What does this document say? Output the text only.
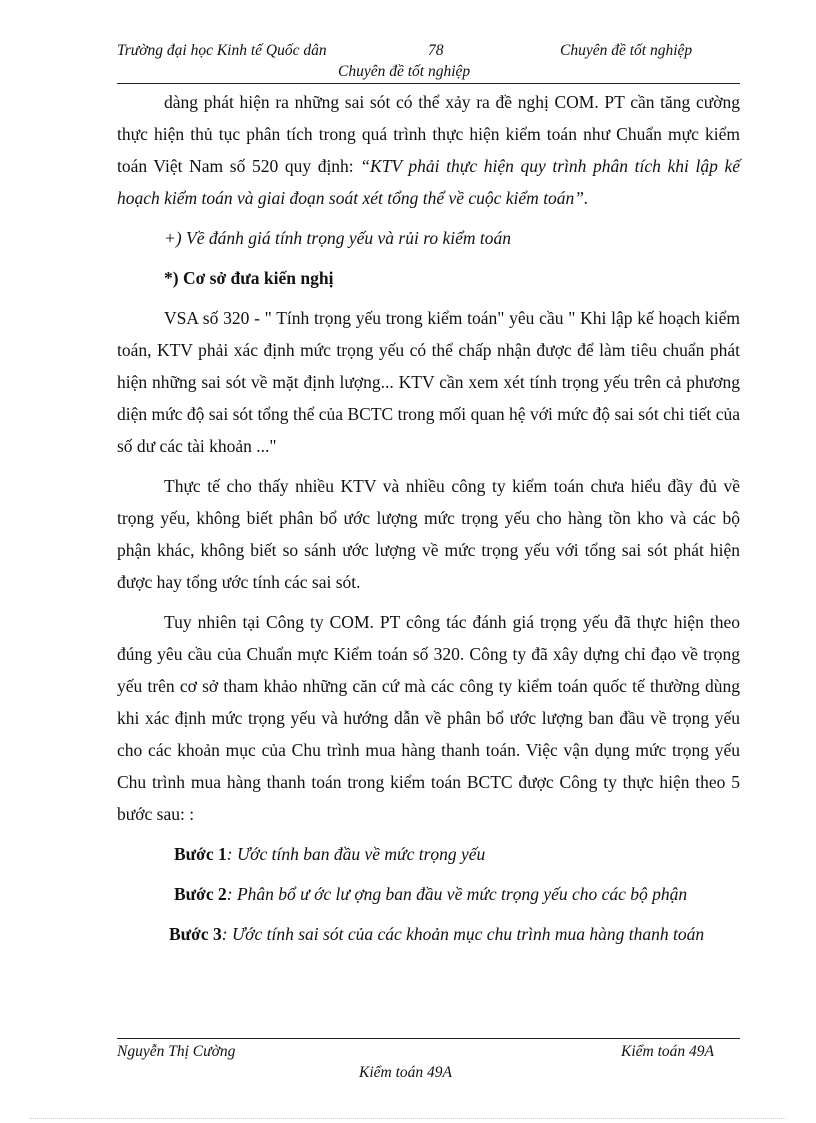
Trường đại học Kinh tế Quốc dân	78	Chuyên đề tốt nghiệp
Chuyên đề tốt nghiệp

dàng phát hiện ra những sai sót có thể xảy ra đề nghị COM. PT cần tăng cường thực hiện thủ tục phân tích trong quá trình thực hiện kiểm toán như Chuẩn mực kiểm toán Việt Nam số 520 quy định: “KTV phải thực hiện quy trình phân tích khi lập kế hoạch kiểm toán và giai đoạn soát xét tổng thể về cuộc kiểm toán”.

+) Về đánh giá tính trọng yếu và rủi ro kiểm toán

*) Cơ sở đưa kiến nghị

VSA số 320 - " Tính trọng yếu trong kiểm toán" yêu cầu " Khi lập kế hoạch kiểm toán, KTV phải xác định mức trọng yếu có thể chấp nhận được để làm tiêu chuẩn phát hiện những sai sót về mặt định lượng... KTV cần xem xét tính trọng yếu trên cả phương diện mức độ sai sót tổng thể của BCTC trong mối quan hệ với mức độ sai sót chi tiết của số dư các tài khoản ..."

Thực tế cho thấy nhiều KTV và nhiều công ty kiểm toán chưa hiểu đầy đủ về trọng yếu, không biết phân bổ ước lượng mức trọng yếu cho hàng tồn kho và các bộ phận khác, không biết so sánh ước lượng về mức trọng yếu với tổng sai sót phát hiện được hay tổng ước tính các sai sót.

Tuy nhiên tại Công ty COM. PT công tác đánh giá trọng yếu đã thực hiện theo đúng yêu cầu của Chuẩn mực Kiểm toán số 320. Công ty đã xây dựng chỉ đạo về trọng yếu trên cơ sở tham khảo những căn cứ mà các công ty kiểm toán quốc tế thường dùng khi xác định mức trọng yếu và hướng dẫn về phân bổ ước lượng ban đầu về trọng yếu cho các khoản mục của Chu trình mua hàng thanh toán. Việc vận dụng mức trọng yếu Chu trình mua hàng thanh toán trong kiểm toán BCTC được Công ty thực hiện theo 5 bước sau: :

Bước 1: Ước tính ban đầu về mức trọng yếu

Bước 2: Phân bổ ư ớc lư ợng ban đầu về mức trọng yếu cho các bộ phận

Bước 3: Ước tính sai sót của các khoản mục chu trình mua hàng thanh toán

Nguyễn Thị Cường	Kiểm toán 49A
Kiểm toán 49A
